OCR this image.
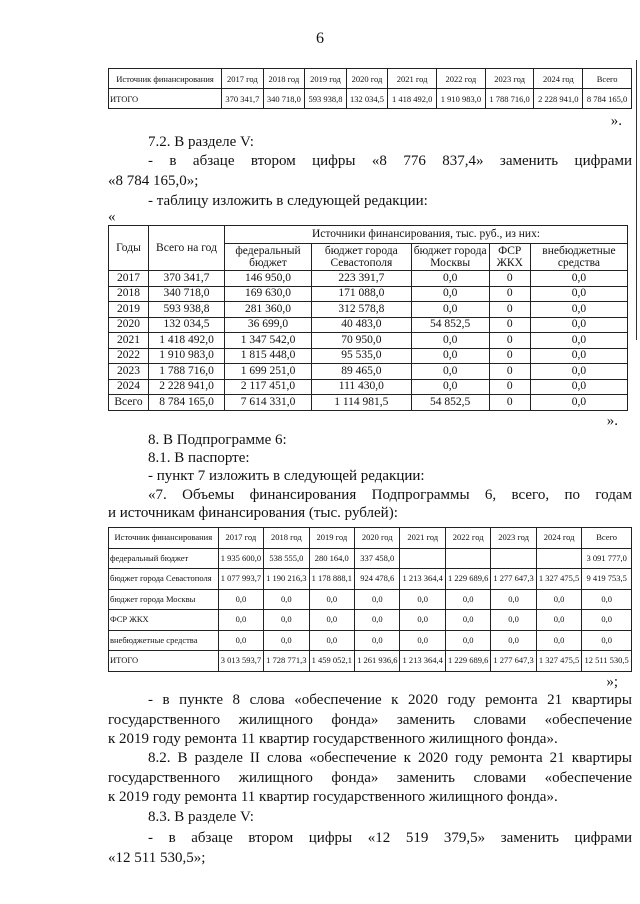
6
Источник финансирования	2017 год	2018 год	2019 год	2020 год	2021 год	2022 год	2023 год	2024 год	Всего
ИТОГО	370 341,7	340 718,0	593 938,8	132 034,5	1 418 492,0	1 910 983,0	1 788 716,0	2 228 941,0	8 784 165,0
».
7.2. В разделе V:
- в абзаце втором цифры «8 776 837,4» заменить цифрами
«8 784 165,0»;
- таблицу изложить в следующей редакции:
«
Годы	Всего на год	Источники финансирования, тыс. руб., из них:				
		федеральный бюджет	бюджет города Севастополя	бюджет города Москвы	ФСР ЖКХ	внебюджетные средства
2017	370 341,7	146 950,0	223 391,7	0,0	0	0,0
2018	340 718,0	169 630,0	171 088,0	0,0	0	0,0
2019	593 938,8	281 360,0	312 578,8	0,0	0	0,0
2020	132 034,5	36 699,0	40 483,0	54 852,5	0	0,0
2021	1 418 492,0	1 347 542,0	70 950,0	0,0	0	0,0
2022	1 910 983,0	1 815 448,0	95 535,0	0,0	0	0,0
2023	1 788 716,0	1 699 251,0	89 465,0	0,0	0	0,0
2024	2 228 941,0	2 117 451,0	111 430,0	0,0	0	0,0
Всего	8 784 165,0	7 614 331,0	1 114 981,5	54 852,5	0	0,0
».
8. В Подпрограмме 6:
8.1. В паспорте:
- пункт 7 изложить в следующей редакции:
«7. Объемы финансирования Подпрограммы 6, всего, по годам
и источникам финансирования (тыс. рублей):
Источник финансирования	2017 год	2018 год	2019 год	2020 год	2021 год	2022 год	2023 год	2024 год	Всего
федеральный бюджет	1 935 600,0	538 555,0	280 164,0	337 458,0					3 091 777,0
бюджет города Севастополя	1 077 993,7	1 190 216,3	1 178 888,1	924 478,6	1 213 364,4	1 229 689,6	1 277 647,3	1 327 475,5	9 419 753,5
бюджет города Москвы	0,0	0,0	0,0	0,0	0,0	0,0	0,0	0,0	0,0
ФСР ЖКХ	0,0	0,0	0,0	0,0	0,0	0,0	0,0	0,0	0,0
внебюджетные средства	0,0	0,0	0,0	0,0	0,0	0,0	0,0	0,0	0,0
ИТОГО	3 013 593,7	1 728 771,3	1 459 052,1	1 261 936,6	1 213 364,4	1 229 689,6	1 277 647,3	1 327 475,5	12 511 530,5
»;
- в пункте 8 слова «обеспечение к 2020 году ремонта 21 квартиры
государственного жилищного фонда» заменить словами «обеспечение
к 2019 году ремонта 11 квартир государственного жилищного фонда».
8.2. В разделе II слова «обеспечение к 2020 году ремонта 21 квартиры
государственного жилищного фонда» заменить словами «обеспечение
к 2019 году ремонта 11 квартир государственного жилищного фонда».
8.3. В разделе V:
- в абзаце втором цифры «12 519 379,5» заменить цифрами
«12 511 530,5»;
